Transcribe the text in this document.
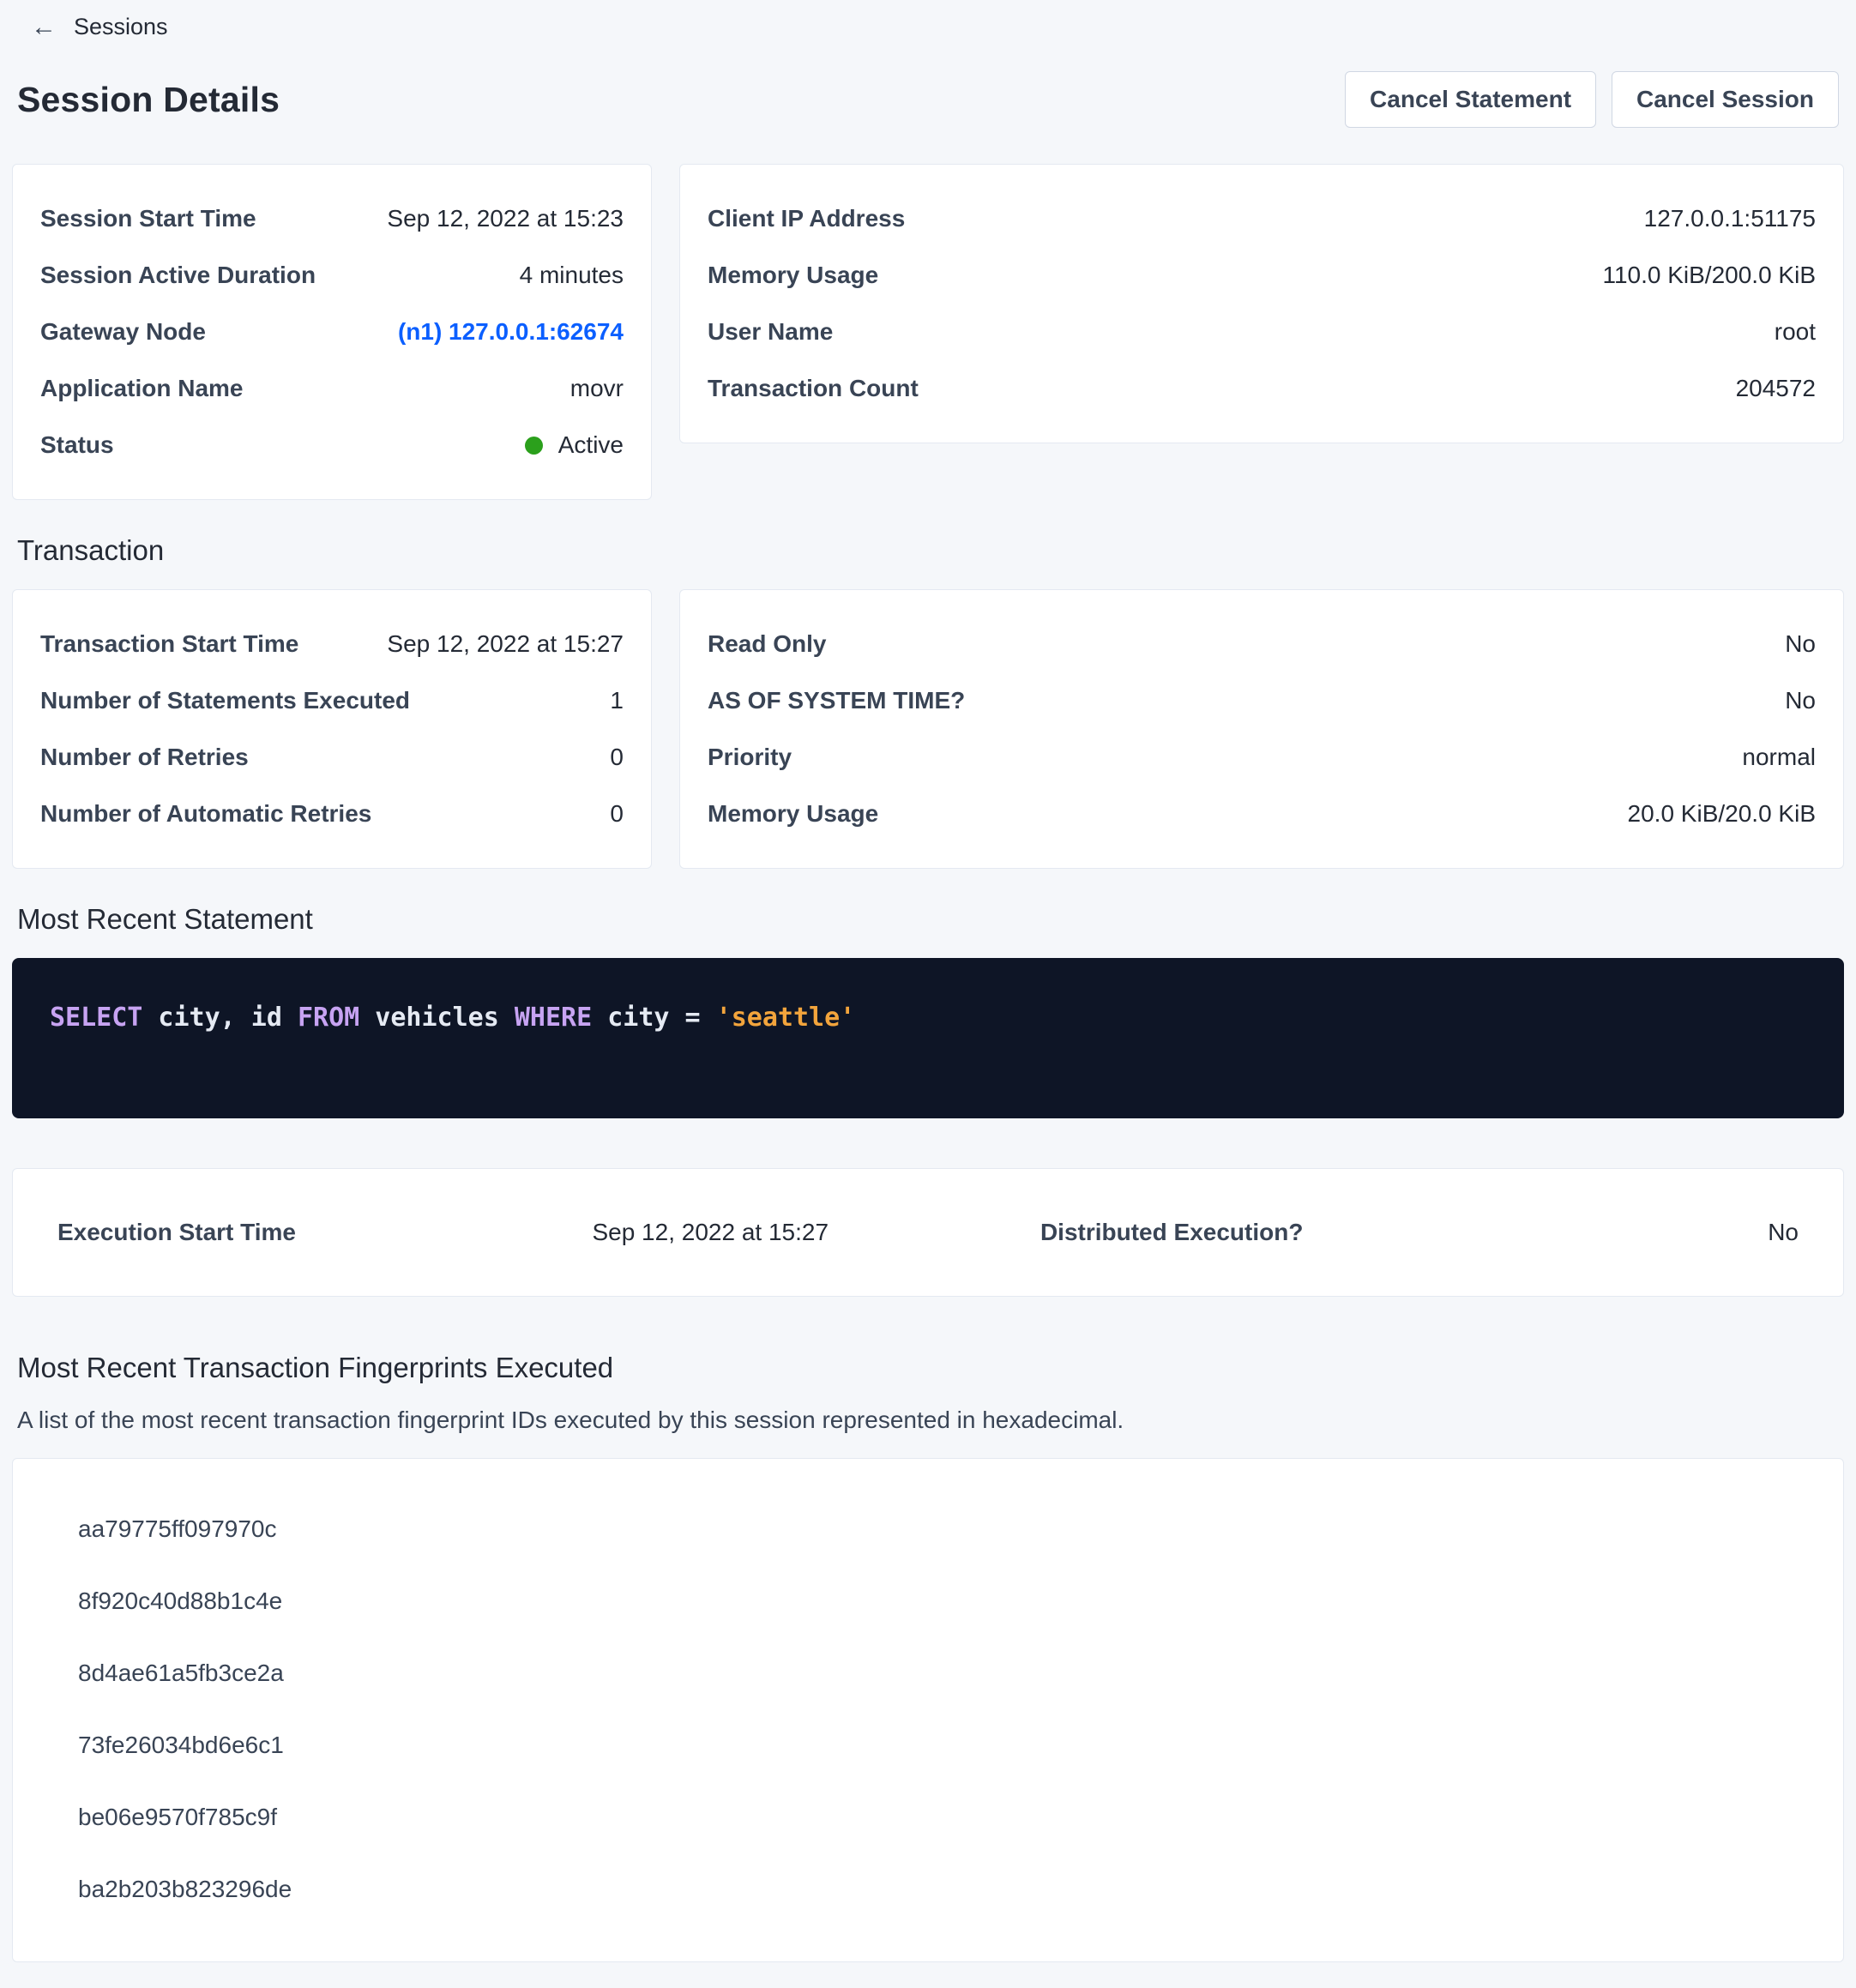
← Sessions
Session Details	Cancel Statement	Cancel Session
Session Start Time	Sep 12, 2022 at 15:23
Session Active Duration	4 minutes
Gateway Node	(n1) 127.0.0.1:62674
Application Name	movr
Status	Active
Client IP Address	127.0.0.1:51175
Memory Usage	110.0 KiB/200.0 KiB
User Name	root
Transaction Count	204572
Transaction
Transaction Start Time	Sep 12, 2022 at 15:27
Number of Statements Executed	1
Number of Retries	0
Number of Automatic Retries	0
Read Only	No
AS OF SYSTEM TIME?	No
Priority	normal
Memory Usage	20.0 KiB/20.0 KiB
Most Recent Statement
SELECT city, id FROM vehicles WHERE city = 'seattle'
Execution Start Time	Sep 12, 2022 at 15:27	Distributed Execution?	No
Most Recent Transaction Fingerprints Executed

A list of the most recent transaction fingerprint IDs executed by this session represented in hexadecimal.

aa79775ff097970c
8f920c40d88b1c4e
8d4ae61a5fb3ce2a
73fe26034bd6e6c1
be06e9570f785c9f
ba2b203b823296de
